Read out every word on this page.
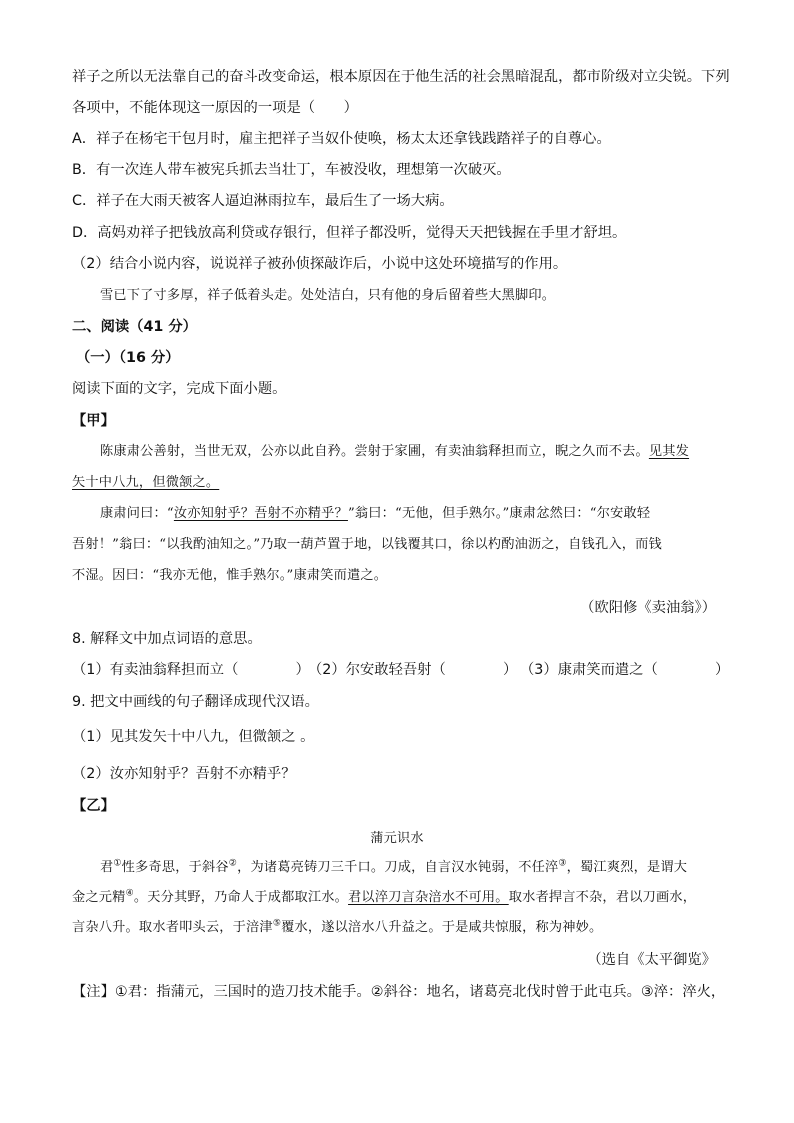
祥子之所以无法靠自己的奋斗改变命运，根本原因在于他生活的社会黑暗混乱，都市阶级对立尖锐。下列
各项中，不能体现这一原因的一项是（　　）
A．祥子在杨宅干包月时，雇主把祥子当奴仆使唤，杨太太还拿钱践踏祥子的自尊心。
B．有一次连人带车被宪兵抓去当壮丁，车被没收，理想第一次破灭。
C．祥子在大雨天被客人逼迫淋雨拉车，最后生了一场大病。
D．高妈劝祥子把钱放高利贷或存银行，但祥子都没听，觉得天天把钱握在手里才舒坦。
（2）结合小说内容，说说祥子被孙侦探敲诈后，小说中这处环境描写的作用。
雪已下了寸多厚，祥子低着头走。处处洁白，只有他的身后留着些大黑脚印。
二、阅读（41 分）
（一）（16 分）
阅读下面的文字，完成下面小题。
【甲】
陈康肃公善射，当世无双，公亦以此自矜。尝射于家圃，有卖油翁释担而立，睨之久而不去。见其发
矢十中八九，但微颔之。
康肃问曰：“汝亦知射乎？吾射不亦精乎？”翁曰：“无他，但手熟尔。”康肃忿然曰：“尔安敢轻
吾射！”翁曰：“以我酌油知之。”乃取一葫芦置于地，以钱覆其口，徐以杓酌油沥之，自钱孔入，而钱
不湿。因曰：“我亦无他，惟手熟尔。”康肃笑而遣之。
（欧阳修《卖油翁》）
8. 解释文中加点词语的意思。
（1）有卖油翁释担而立（　　　　）
（2）尔安敢轻吾射（　　　　） （3）康肃笑而遣之（　　　　）
9. 把文中画线的句子翻译成现代汉语。
（1）见其发矢十中八九，但微颔之 。
（2）汝亦知射乎？吾射不亦精乎？
【乙】
蒲元识水
君①性多奇思，于斜谷②，为诸葛亮铸刀三千口。刀成，自言汉水钝弱，不任淬③，蜀江爽烈，是谓大
金之元精④。天分其野，乃命人于成都取江水。君以淬刀言杂涪水不可用。取水者捍言不杂，君以刀画水，
言杂八升。取水者叩头云，于涪津⑤覆水，遂以涪水八升益之。于是咸共惊服，称为神妙。
（选自《太平御览》
【注】①君：指蒲元，三国时的造刀技术能手。②斜谷：地名，诸葛亮北伐时曾于此屯兵。③淬：淬火，
